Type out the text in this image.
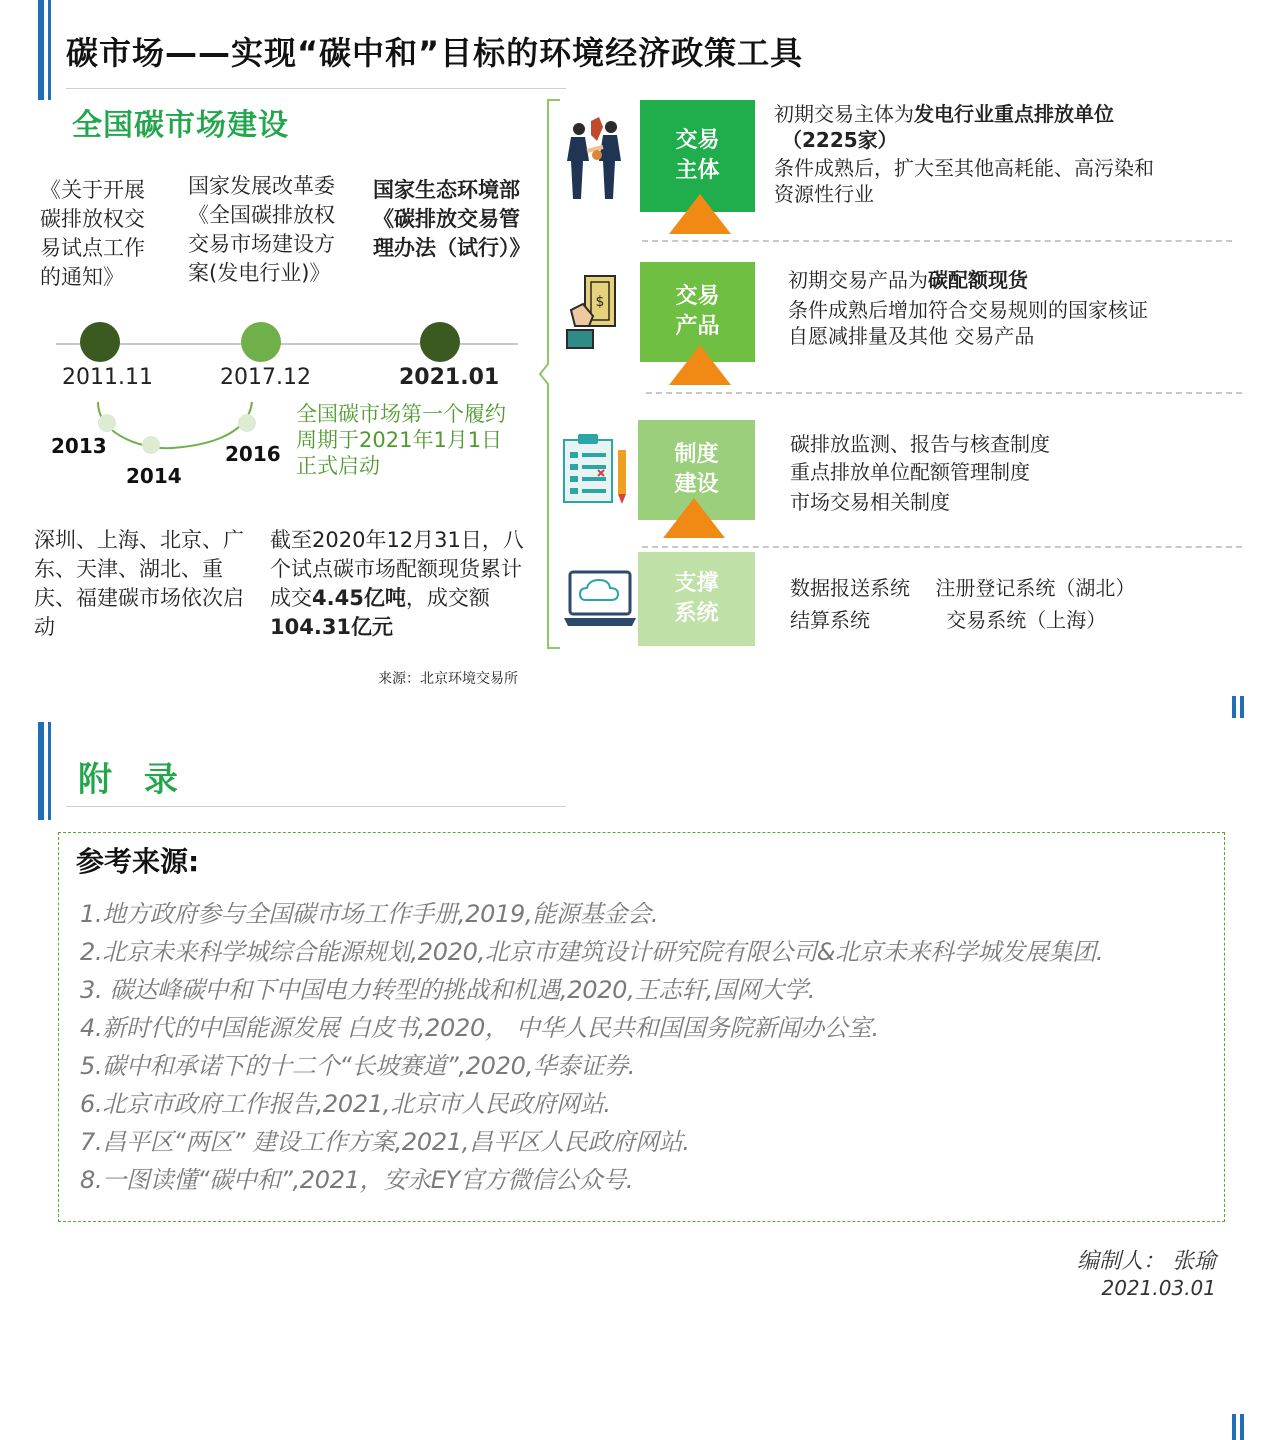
碳市场——实现“碳中和”目标的环境经济政策工具
全国碳市场建设
《关于开展碳排放权交易试点工作的通知》
国家发展改革委《全国碳排放权交易市场建设方案(发电行业)》
国家生态环境部《碳排放交易管理办法（试行）》
2011.11	2017.12	2021.01
2013
2014
2016
全国碳市场第一个履约周期于2021年1月1日正式启动
深圳、上海、北京、广东、天津、湖北、重庆、福建碳市场依次启动
截至2020年12月31日，八个试点碳市场配额现货累计成交4.45亿吨，成交额104.31亿元
来源：北京环境交易所
交易
主体
初期交易主体为发电行业重点排放单位
（2225家）
条件成熟后，扩大至其他高耗能、高污染和
资源性行业
$	交易
产品
初期交易产品为碳配额现货
条件成熟后增加符合交易规则的国家核证
自愿减排量及其他 交易产品
制度
建设
碳排放监测、报告与核查制度
重点排放单位配额管理制度
市场交易相关制度
支撑
系统
数据报送系统    注册登记系统（湖北）
结算系统            交易系统（上海）
附 录
参考来源:
1.地方政府参与全国碳市场工作手册,2019,能源基金会.
2.北京未来科学城综合能源规划,2020,北京市建筑设计研究院有限公司&北京未来科学城发展集团.
3. 碳达峰碳中和下中国电力转型的挑战和机遇,2020,王志轩,国网大学.
4.新时代的中国能源发展 白皮书,2020， 中华人民共和国国务院新闻办公室.
5.碳中和承诺下的十二个“长坡赛道”,2020,华泰证券.
6.北京市政府工作报告,2021,北京市人民政府网站.
7.昌平区“两区” 建设工作方案,2021,昌平区人民政府网站.
8.一图读懂“碳中和”,2021，安永EY官方微信公众号.
编制人： 张瑜
2021.03.01
